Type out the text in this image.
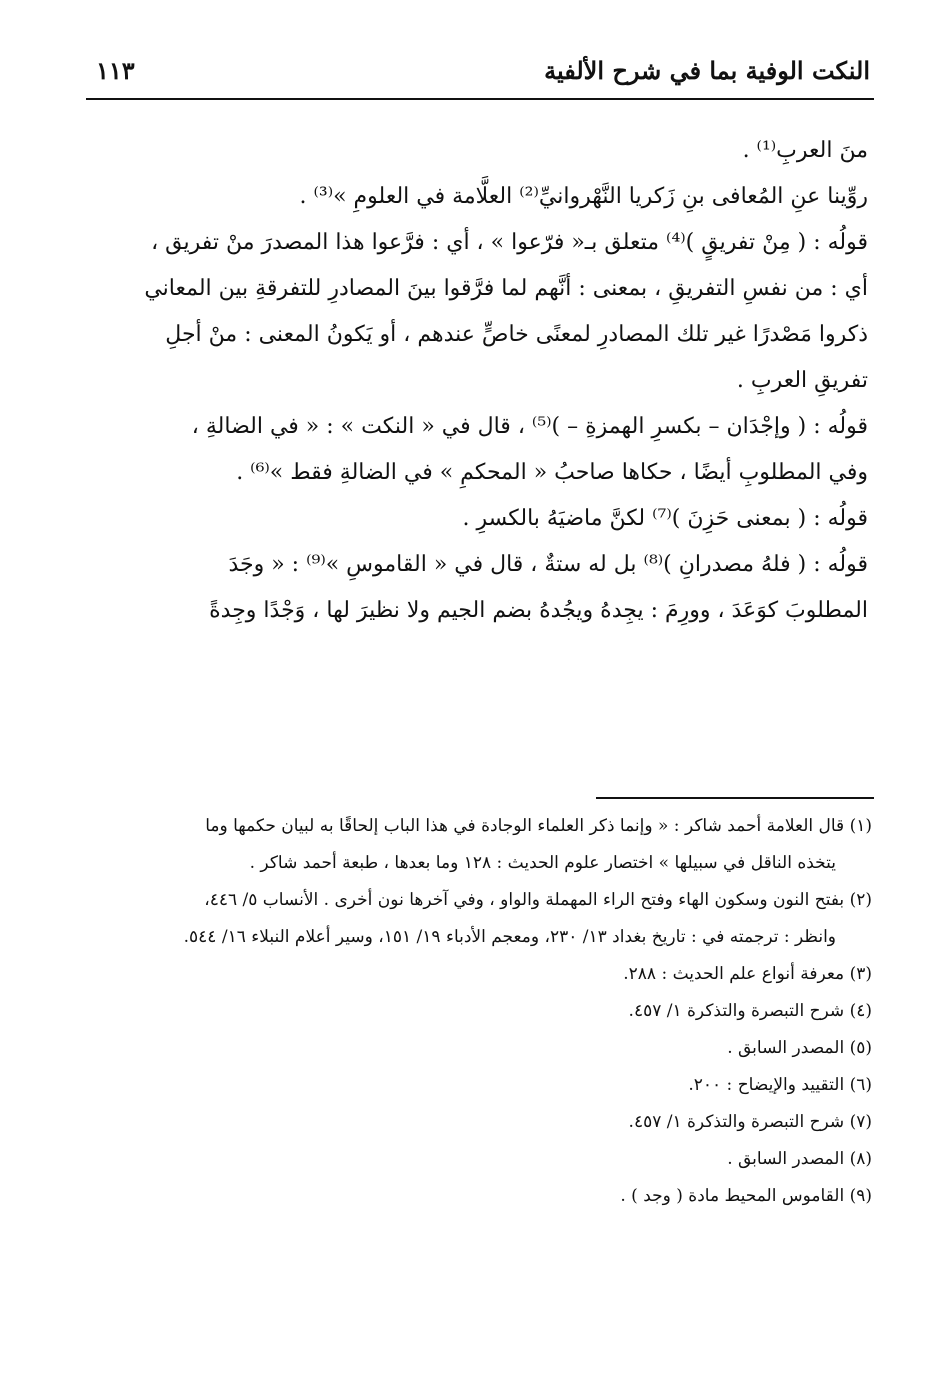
النكت الوفية بما في شرح الألفية
١١٣
منَ العربِ⁽¹⁾ .
روِّينا عنِ المُعافى بنِ زَكريا النَّهْروانيِّ⁽²⁾ العلَّامة في العلومِ »⁽³⁾ .
قولُه : ( مِنْ تفريقٍ )⁽⁴⁾ متعلق بـ« فرّعوا » ، أي : فرَّعوا هذا المصدرَ منْ تفريق ،
أي : من نفسِ التفريقِ ، بمعنى : أنَّهم لما فرَّقوا بينَ المصادرِ للتفرقةِ بين المعاني
ذكروا مَصْدرًا غير تلك المصادرِ لمعنًى خاصٍّ عندهم ، أو يَكونُ المعنى : منْ أجلِ
تفريقِ العربِ .
قولُه : ( وإجْدَان – بكسرِ الهمزةِ – )⁽⁵⁾ ، قال في « النكت » : « في الضالةِ ،
وفي المطلوبِ أيضًا ، حكاها صاحبُ « المحكمِ » في الضالةِ فقط »⁽⁶⁾ .
قولُه : ( بمعنى حَزِنَ )⁽⁷⁾ لكنَّ ماضيَهُ بالكسرِ .
قولُه : ( فلهُ مصدرانِ )⁽⁸⁾ بل له ستةٌ ، قال في « القاموسِ »⁽⁹⁾ : « وجَدَ
المطلوبَ كوَعَدَ ، وورِمَ : يجِدهُ ويجُدهُ بضم الجيم ولا نظيرَ لها ، وَجْدًا وجِدةً
(١) قال العلامة أحمد شاكر : « وإنما ذكر العلماء الوجادة في هذا الباب إلحاقًا به لبيان حكمها وما
يتخذه الناقل في سبيلها » اختصار علوم الحديث : ١٢٨ وما بعدها ، طبعة أحمد شاكر .
(٢) بفتح النون وسكون الهاء وفتح الراء المهملة والواو ، وفي آخرها نون أخرى . الأنساب ٥/ ٤٤٦،
وانظر : ترجمته في : تاريخ بغداد ١٣/ ٢٣٠، ومعجم الأدباء ١٩/ ١٥١، وسير أعلام النبلاء ١٦/ ٥٤٤.
(٣) معرفة أنواع علم الحديث : ٢٨٨.
(٤) شرح التبصرة والتذكرة ١/ ٤٥٧.
(٥) المصدر السابق .
(٦) التقييد والإيضاح : ٢٠٠.
(٧) شرح التبصرة والتذكرة ١/ ٤٥٧.
(٨) المصدر السابق .
(٩) القاموس المحيط مادة ( وجد ) .
